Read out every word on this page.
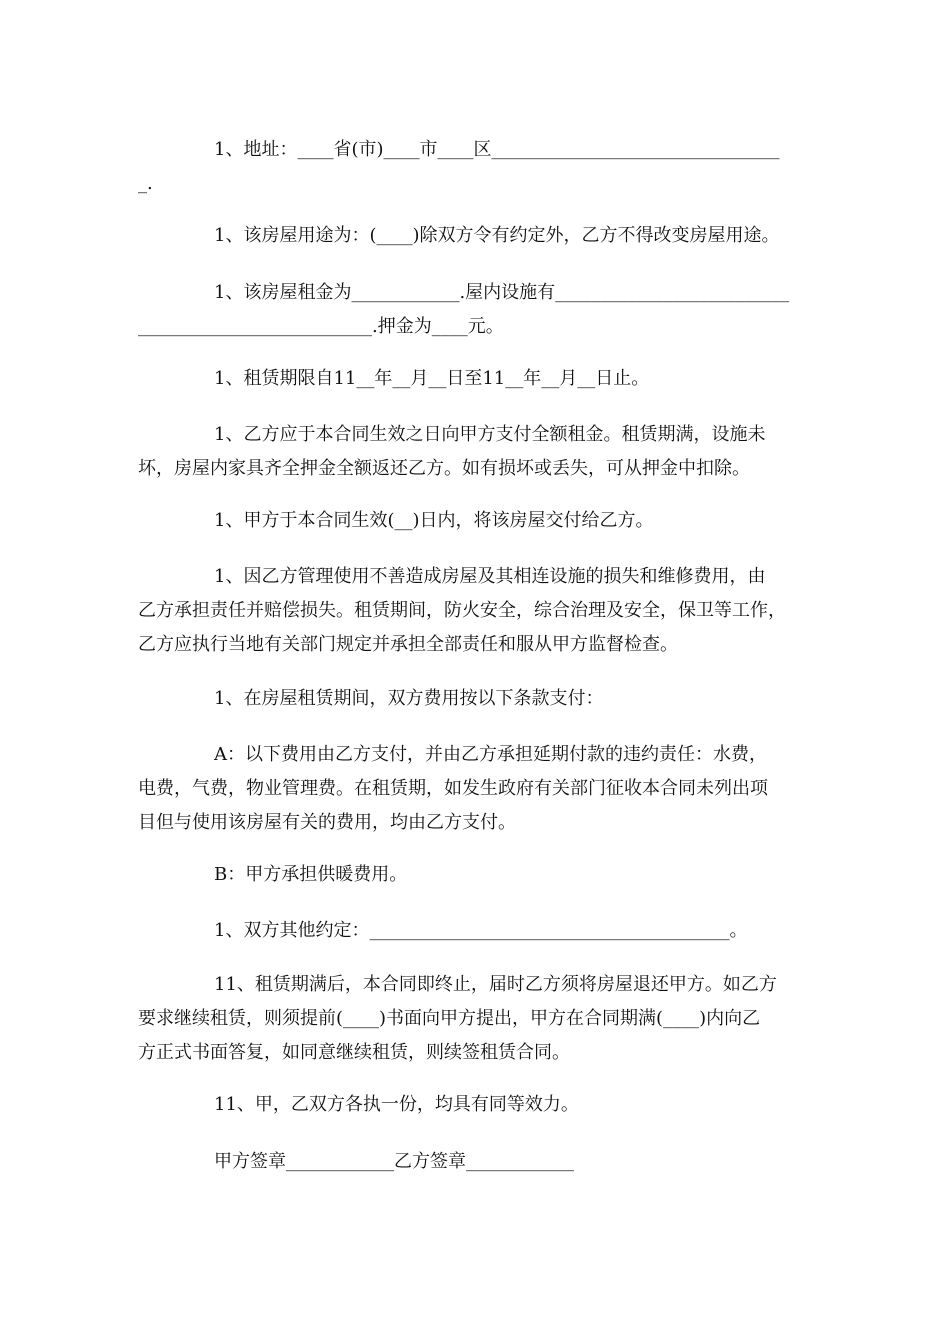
1、地址：____省(市)____市____区________________________________
_.

1、该房屋用途为：(____)除双方令有约定外，乙方不得改变房屋用途。

1、该房屋租金为____________.屋内设施有__________________________
__________________________.押金为____元。

1、租赁期限自11__年__月__日至11__年__月__日止。

1、乙方应于本合同生效之日向甲方支付全额租金。租赁期满，设施未
坏，房屋内家具齐全押金全额返还乙方。如有损坏或丢失，可从押金中扣除。

1、甲方于本合同生效(__)日内，将该房屋交付给乙方。

1、因乙方管理使用不善造成房屋及其相连设施的损失和维修费用，由
乙方承担责任并赔偿损失。租赁期间，防火安全，综合治理及安全，保卫等工作，
乙方应执行当地有关部门规定并承担全部责任和服从甲方监督检查。

1、在房屋租赁期间，双方费用按以下条款支付：

A：以下费用由乙方支付，并由乙方承担延期付款的违约责任：水费，
电费，气费，物业管理费。在租赁期，如发生政府有关部门征收本合同未列出项
目但与使用该房屋有关的费用，均由乙方支付。

B：甲方承担供暖费用。

1、双方其他约定：________________________________________。

11、租赁期满后，本合同即终止，届时乙方须将房屋退还甲方。如乙方
要求继续租赁，则须提前(____)书面向甲方提出，甲方在合同期满(____)内向乙
方正式书面答复，如同意继续租赁，则续签租赁合同。

11、甲，乙双方各执一份，均具有同等效力。

甲方签章____________乙方签章____________
